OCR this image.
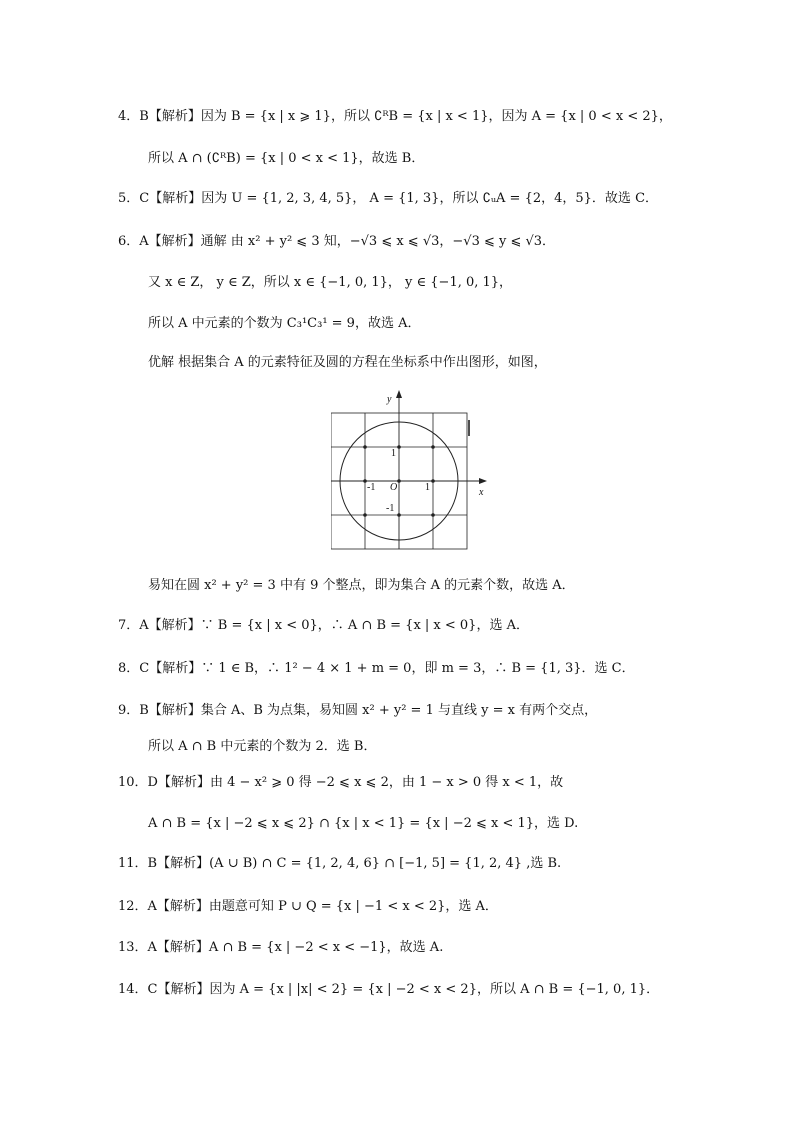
4．B【解析】因为 B = {x | x ⩾ 1}，所以 ∁ᴿB = {x | x < 1}，因为 A = {x | 0 < x < 2}，
所以 A ∩ (∁ᴿB) = {x | 0 < x < 1}，故选 B．
5．C【解析】因为 U = {1, 2, 3, 4, 5}， A = {1, 3}，所以 ∁ᵤA = {2，4，5}．故选 C．
6．A【解析】通解 由 x² + y² ⩽ 3 知，−√3 ⩽ x ⩽ √3，−√3 ⩽ y ⩽ √3．
又 x ∈ Z， y ∈ Z，所以 x ∈ {−1, 0, 1}， y ∈ {−1, 0, 1}，
所以 A 中元素的个数为 C₃¹C₃¹ = 9，故选 A．
优解 根据集合 A 的元素特征及圆的方程在坐标系中作出图形，如图，
y
x
O	1
-1
1
-1
易知在圆 x² + y² = 3 中有 9 个整点，即为集合 A 的元素个数，故选 A．
7．A【解析】∵ B = {x | x < 0}，∴ A ∩ B = {x | x < 0}，选 A．
8．C【解析】∵ 1 ∈ B，∴ 1² − 4 × 1 + m = 0，即 m = 3，∴ B = {1, 3}．选 C．
9．B【解析】集合 A、B 为点集，易知圆 x² + y² = 1 与直线 y = x 有两个交点，
所以 A ∩ B 中元素的个数为 2．选 B．
10．D【解析】由 4 − x² ⩾ 0 得 −2 ⩽ x ⩽ 2，由 1 − x > 0 得 x < 1，故
A ∩ B = {x | −2 ⩽ x ⩽ 2} ∩ {x | x < 1} = {x | −2 ⩽ x < 1}，选 D.
11．B【解析】(A ∪ B) ∩ C = {1, 2, 4, 6} ∩ [−1, 5] = {1, 2, 4} ,选 B.
12．A【解析】由题意可知 P ∪ Q = {x | −1 < x < 2}，选 A．
13．A【解析】A ∩ B = {x | −2 < x < −1}，故选 A.
14．C【解析】因为 A = {x | |x| < 2} = {x | −2 < x < 2}，所以 A ∩ B = {−1, 0, 1}．
